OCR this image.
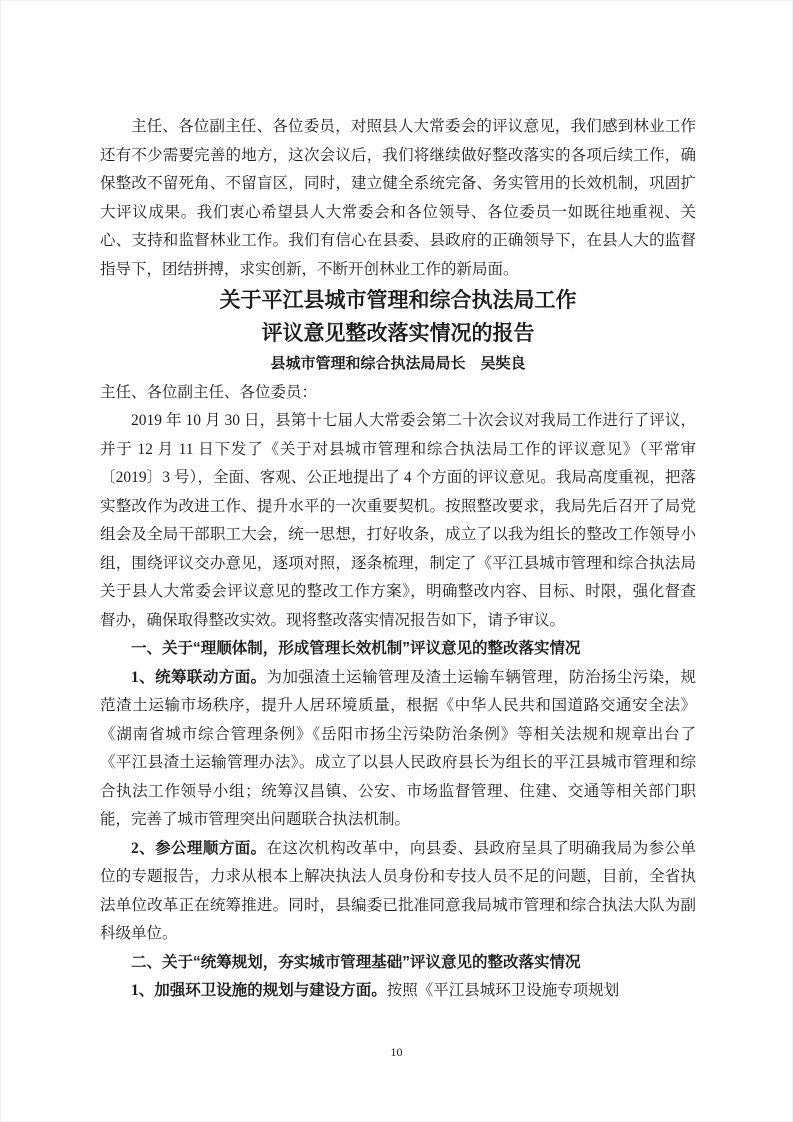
主任、各位副主任、各位委员，对照县人大常委会的评议意见，我们感到林业工作还有不少需要完善的地方，这次会议后，我们将继续做好整改落实的各项后续工作，确保整改不留死角、不留盲区，同时，建立健全系统完备、务实管用的长效机制，巩固扩大评议成果。我们衷心希望县人大常委会和各位领导、各位委员一如既往地重视、关心、支持和监督林业工作。我们有信心在县委、县政府的正确领导下，在县人大的监督指导下，团结拼搏，求实创新，不断开创林业工作的新局面。

关于平江县城市管理和综合执法局工作
评议意见整改落实情况的报告

县城市管理和综合执法局局长　吴奘良

主任、各位副主任、各位委员：

2019 年 10 月 30 日，县第十七届人大常委会第二十次会议对我局工作进行了评议，并于 12 月 11 日下发了《关于对县城市管理和综合执法局工作的评议意见》（平常审〔2019〕3 号），全面、客观、公正地提出了 4 个方面的评议意见。我局高度重视，把落实整改作为改进工作、提升水平的一次重要契机。按照整改要求，我局先后召开了局党组会及全局干部职工大会，统一思想，打好收条，成立了以我为组长的整改工作领导小组，围绕评议交办意见，逐项对照，逐条梳理，制定了《平江县城市管理和综合执法局关于县人大常委会评议意见的整改工作方案》，明确整改内容、目标、时限，强化督查督办，确保取得整改实效。现将整改落实情况报告如下，请予审议。

一、关于“理顺体制，形成管理长效机制”评议意见的整改落实情况

1、统筹联动方面。为加强渣土运输管理及渣土运输车辆管理，防治扬尘污染，规范渣土运输市场秩序，提升人居环境质量，根据《中华人民共和国道路交通安全法》《湖南省城市综合管理条例》《岳阳市扬尘污染防治条例》等相关法规和规章出台了《平江县渣土运输管理办法》。成立了以县人民政府县长为组长的平江县城市管理和综合执法工作领导小组；统筹汉昌镇、公安、市场监督管理、住建、交通等相关部门职能，完善了城市管理突出问题联合执法机制。

2、参公理顺方面。在这次机构改革中，向县委、县政府呈具了明确我局为参公单位的专题报告，力求从根本上解决执法人员身份和专技人员不足的问题，目前，全省执法单位改革正在统筹推进。同时，县编委已批准同意我局城市管理和综合执法大队为副科级单位。

二、关于“统筹规划，夯实城市管理基础”评议意见的整改落实情况

1、加强环卫设施的规划与建设方面。按照《平江县城环卫设施专项规划

10
